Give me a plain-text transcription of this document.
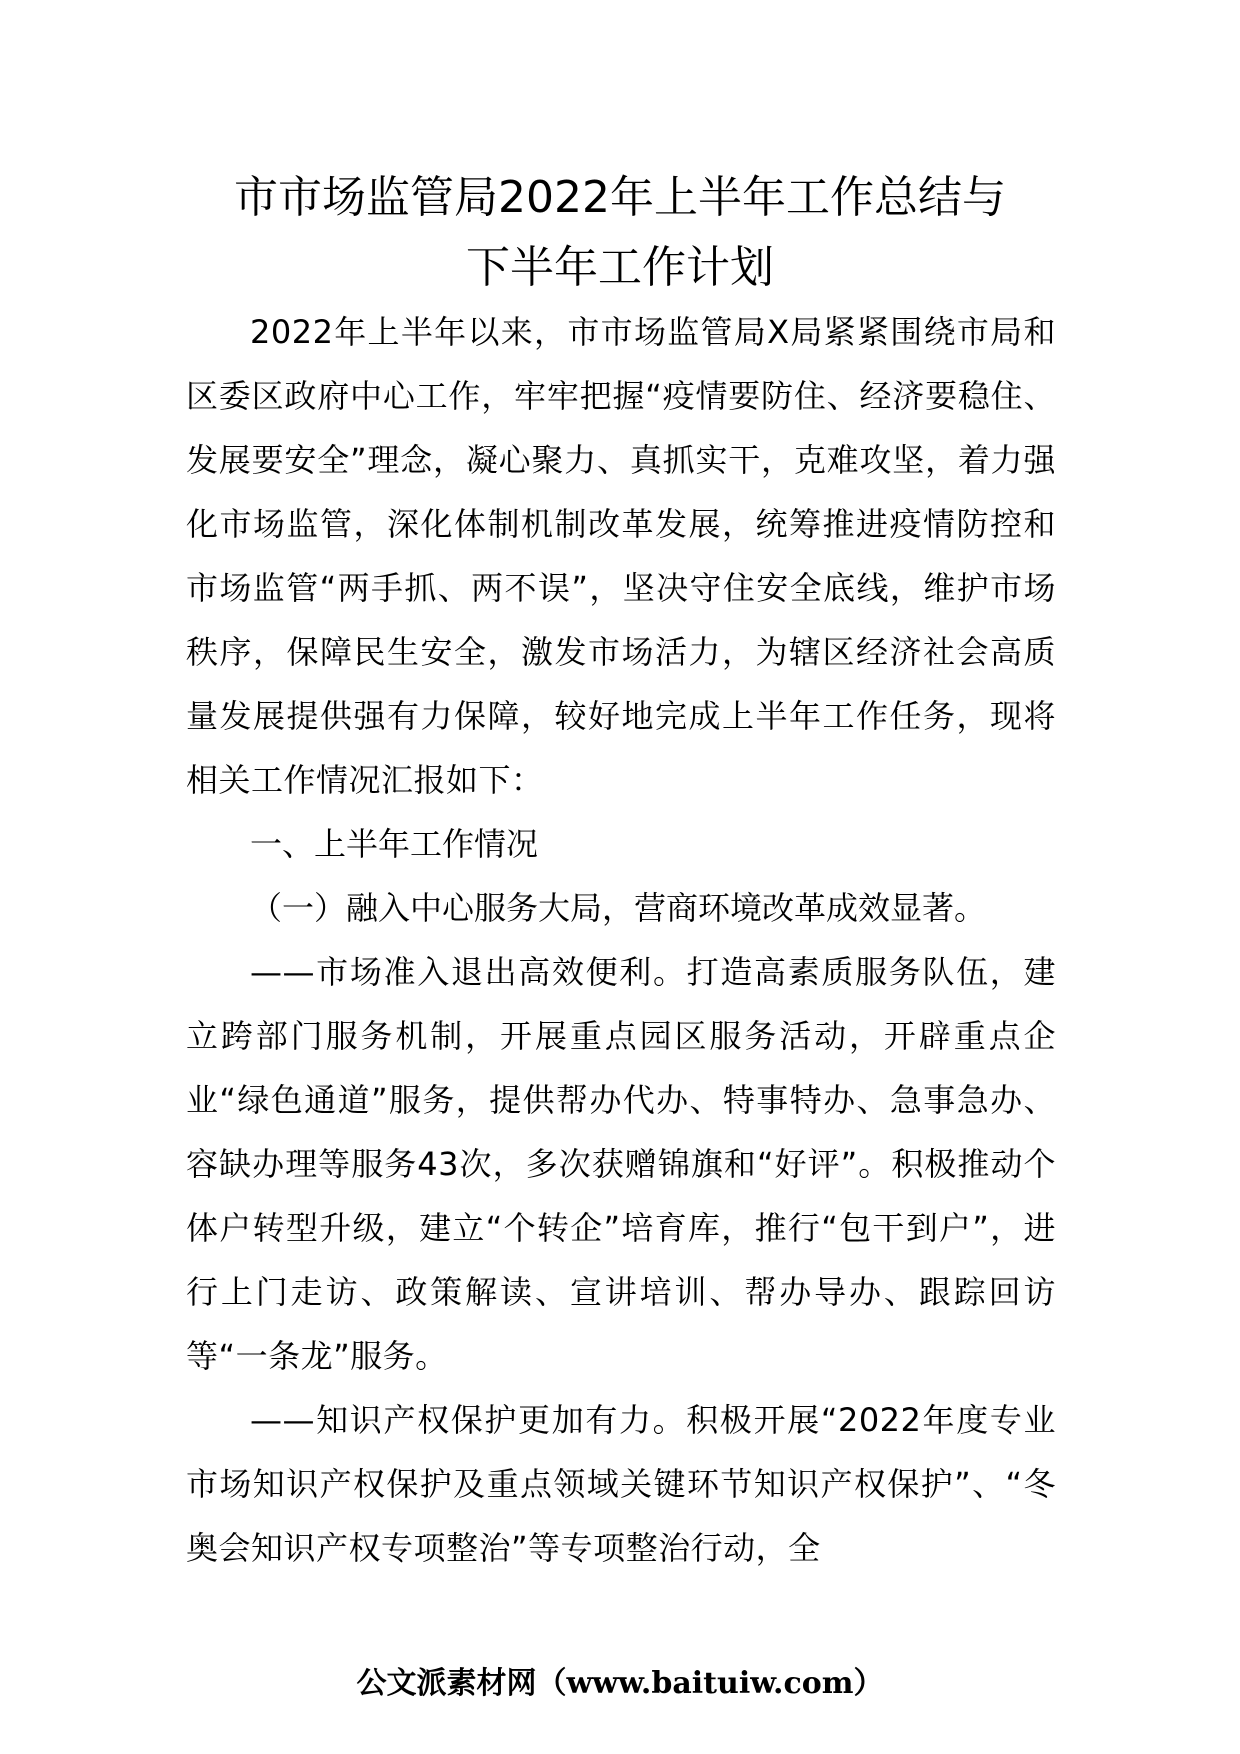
市市场监管局2022年上半年工作总结与
下半年工作计划

2022年上半年以来，市市场监管局X局紧紧围绕市局和区委区政府中心工作，牢牢把握“疫情要防住、经济要稳住、发展要安全”理念，凝心聚力、真抓实干，克难攻坚，着力强化市场监管，深化体制机制改革发展，统筹推进疫情防控和市场监管“两手抓、两不误”，坚决守住安全底线，维护市场秩序，保障民生安全，激发市场活力，为辖区经济社会高质量发展提供强有力保障，较好地完成上半年工作任务，现将相关工作情况汇报如下：

一、上半年工作情况

（一）融入中心服务大局，营商环境改革成效显著。

——市场准入退出高效便利。打造高素质服务队伍，建立跨部门服务机制，开展重点园区服务活动，开辟重点企业“绿色通道”服务，提供帮办代办、特事特办、急事急办、容缺办理等服务43次，多次获赠锦旗和“好评”。积极推动个体户转型升级，建立“个转企”培育库，推行“包干到户”，进行上门走访、政策解读、宣讲培训、帮办导办、跟踪回访等“一条龙”服务。

——知识产权保护更加有力。积极开展“2022年度专业市场知识产权保护及重点领域关键环节知识产权保护”、“冬奥会知识产权专项整治”等专项整治行动，全

公文派素材网（www.baituiw.com）
